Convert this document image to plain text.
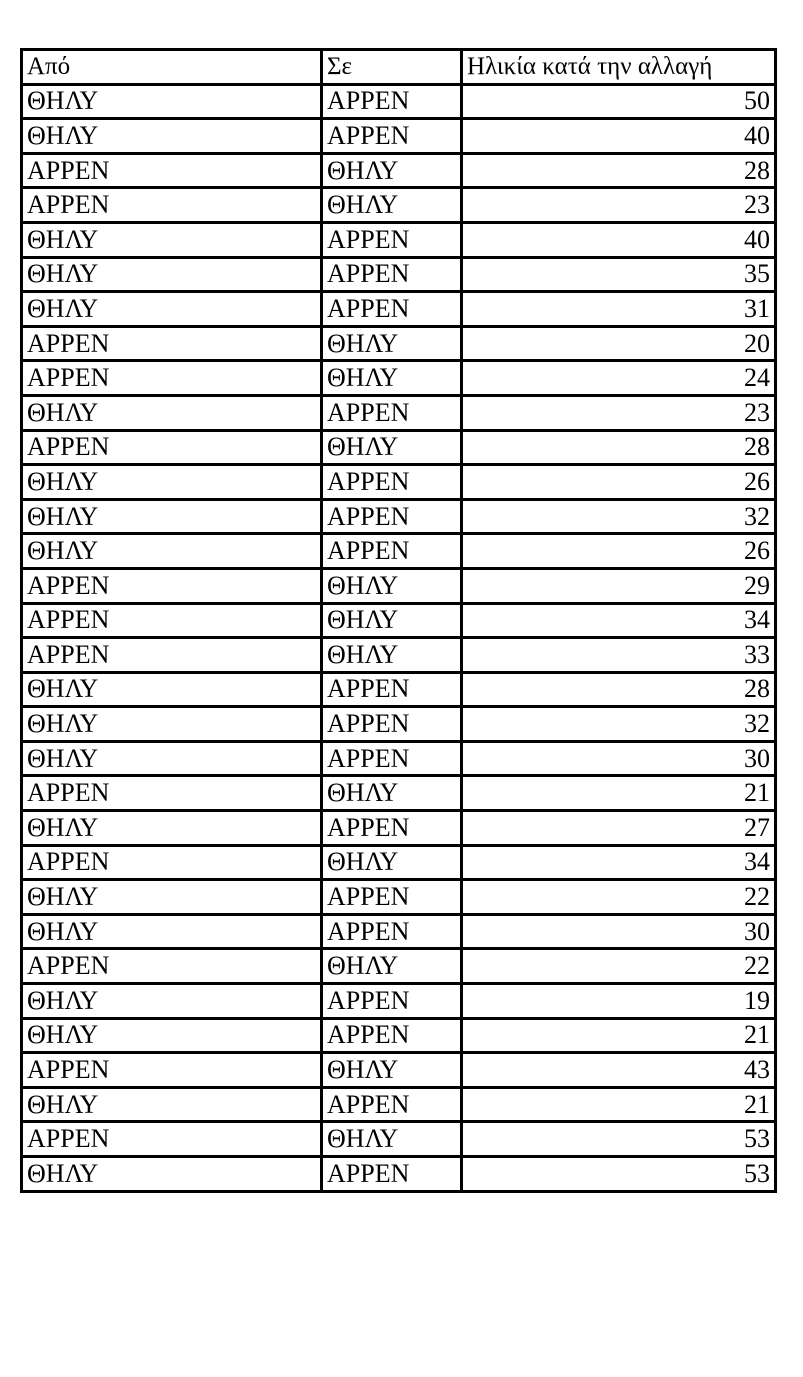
Από	Σε	Ηλικία κατά την αλλαγή
ΘΗΛΥ	ΑΡΡΕΝ	50
ΘΗΛΥ	ΑΡΡΕΝ	40
ΑΡΡΕΝ	ΘΗΛΥ	28
ΑΡΡΕΝ	ΘΗΛΥ	23
ΘΗΛΥ	ΑΡΡΕΝ	40
ΘΗΛΥ	ΑΡΡΕΝ	35
ΘΗΛΥ	ΑΡΡΕΝ	31
ΑΡΡΕΝ	ΘΗΛΥ	20
ΑΡΡΕΝ	ΘΗΛΥ	24
ΘΗΛΥ	ΑΡΡΕΝ	23
ΑΡΡΕΝ	ΘΗΛΥ	28
ΘΗΛΥ	ΑΡΡΕΝ	26
ΘΗΛΥ	ΑΡΡΕΝ	32
ΘΗΛΥ	ΑΡΡΕΝ	26
ΑΡΡΕΝ	ΘΗΛΥ	29
ΑΡΡΕΝ	ΘΗΛΥ	34
ΑΡΡΕΝ	ΘΗΛΥ	33
ΘΗΛΥ	ΑΡΡΕΝ	28
ΘΗΛΥ	ΑΡΡΕΝ	32
ΘΗΛΥ	ΑΡΡΕΝ	30
ΑΡΡΕΝ	ΘΗΛΥ	21
ΘΗΛΥ	ΑΡΡΕΝ	27
ΑΡΡΕΝ	ΘΗΛΥ	34
ΘΗΛΥ	ΑΡΡΕΝ	22
ΘΗΛΥ	ΑΡΡΕΝ	30
ΑΡΡΕΝ	ΘΗΛΥ	22
ΘΗΛΥ	ΑΡΡΕΝ	19
ΘΗΛΥ	ΑΡΡΕΝ	21
ΑΡΡΕΝ	ΘΗΛΥ	43
ΘΗΛΥ	ΑΡΡΕΝ	21
ΑΡΡΕΝ	ΘΗΛΥ	53
ΘΗΛΥ	ΑΡΡΕΝ	53
